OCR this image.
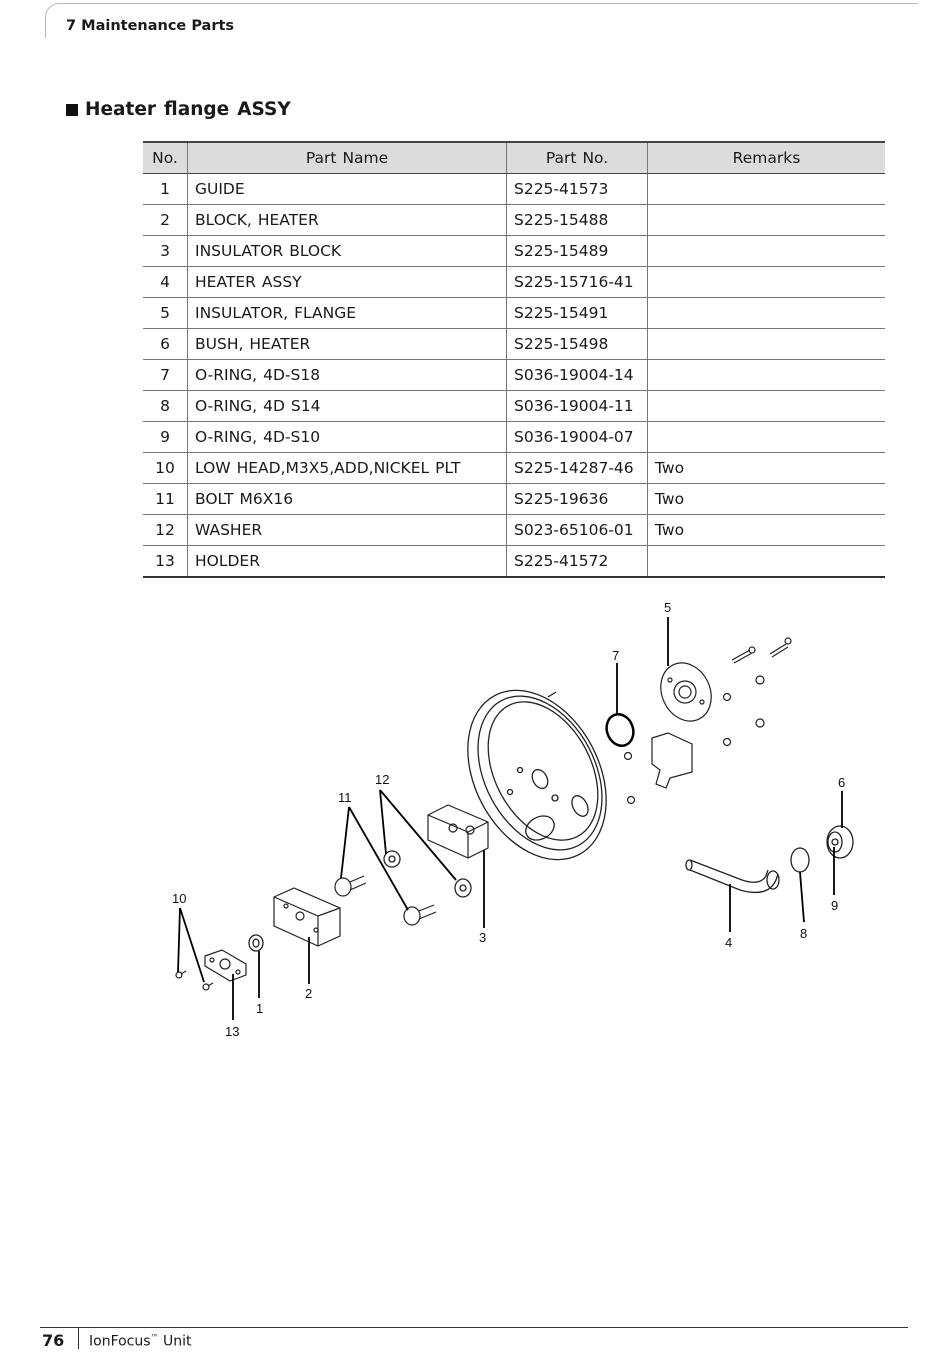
7 Maintenance Parts
Heater flange ASSY
No.	Part Name	Part No.	Remarks
1	GUIDE	S225-41573	
2	BLOCK, HEATER	S225-15488	
3	INSULATOR BLOCK	S225-15489	
4	HEATER ASSY	S225-15716-41	
5	INSULATOR, FLANGE	S225-15491	
6	BUSH, HEATER	S225-15498	
7	O-RING, 4D-S18	S036-19004-14	
8	O-RING, 4D S14	S036-19004-11	
9	O-RING, 4D-S10	S036-19004-07	
10	LOW HEAD,M3X5,ADD,NICKEL PLT	S225-14287-46	Two
11	BOLT M6X16	S225-19636	Two
12	WASHER	S023-65106-01	Two
13	HOLDER	S225-41572	
5
7
6
12
11
10	9
3	4
8
2
1
13
76 IonFocus™ Unit
